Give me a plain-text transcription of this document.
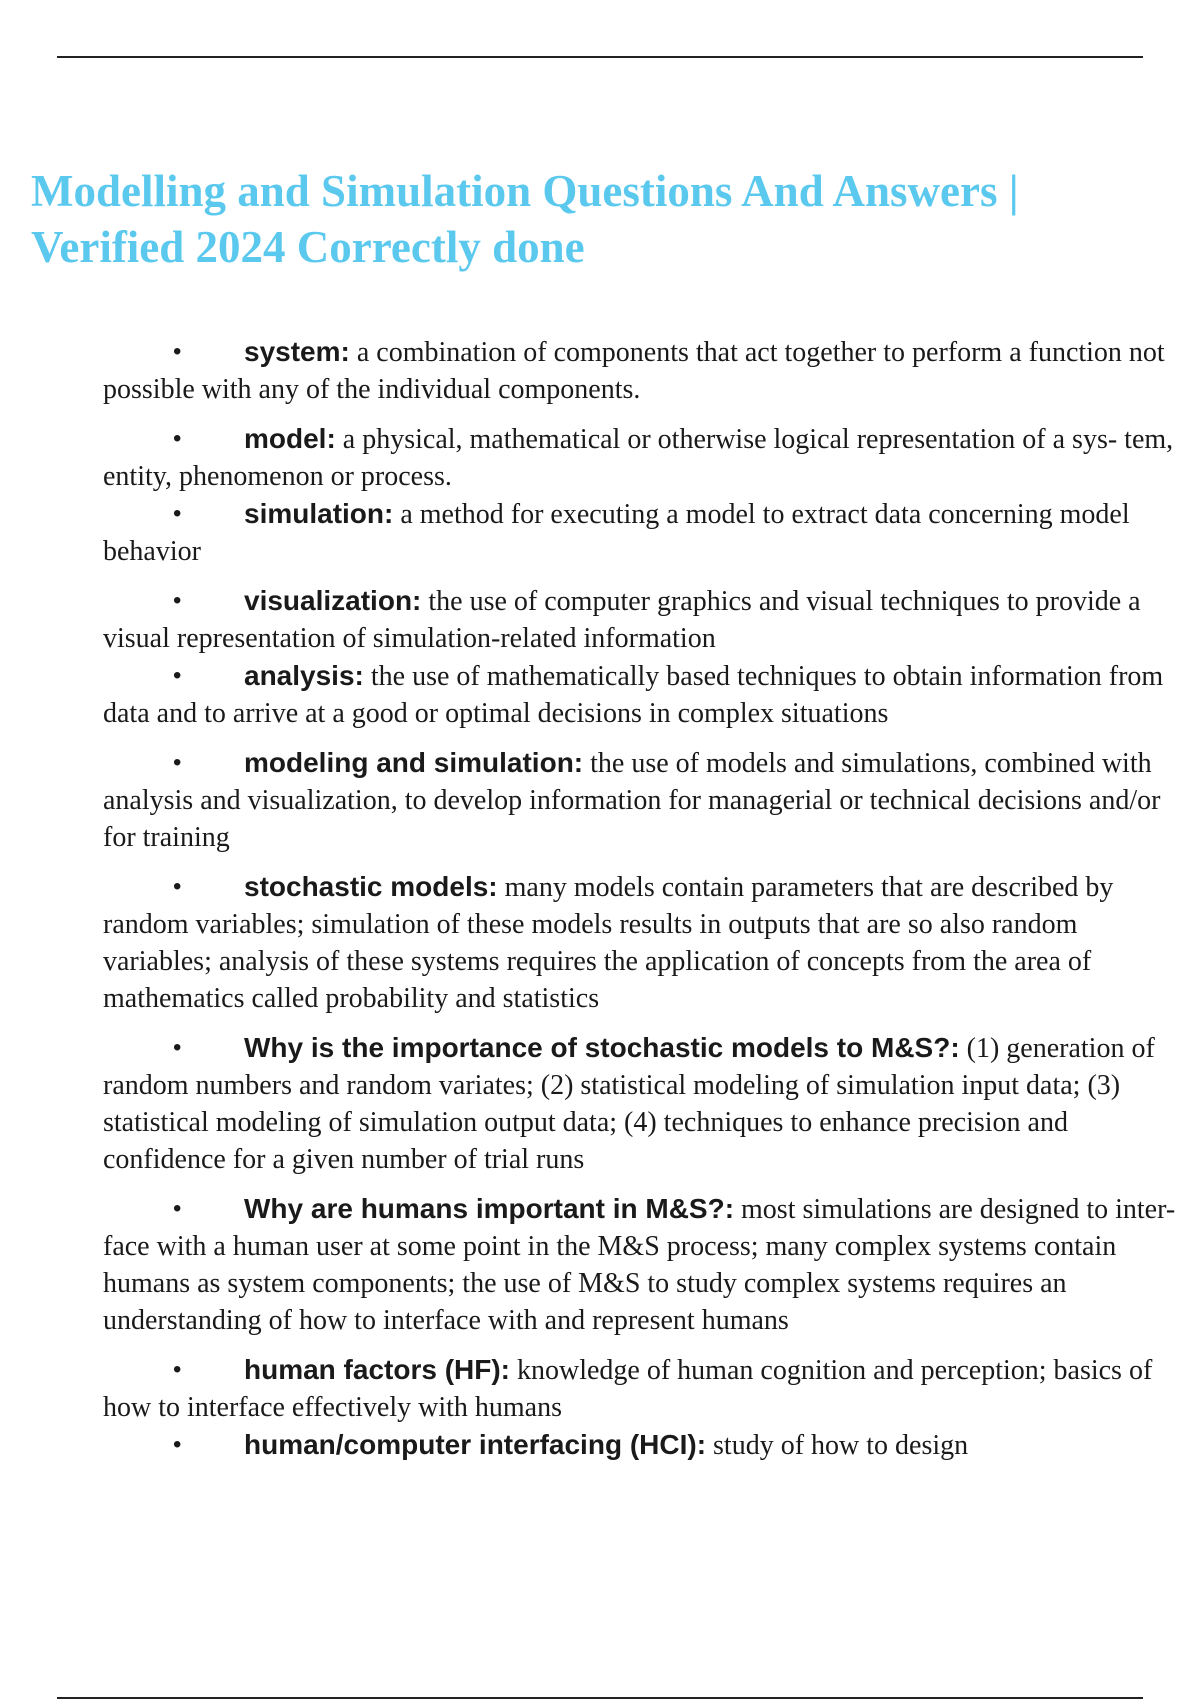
Modelling and Simulation Questions And Answers |
Verified 2024 Correctly done
• system: a combination of components that act together to perform a function not possible with any of the individual components.
• model: a physical, mathematical or otherwise logical representation of a sys- tem, entity, phenomenon or process.
• simulation: a method for executing a model to extract data concerning model behavior
• visualization: the use of computer graphics and visual techniques to provide a visual representation of simulation-related information
• analysis: the use of mathematically based techniques to obtain information from data and to arrive at a good or optimal decisions in complex situations
• modeling and simulation: the use of models and simulations, combined with analysis and visualization, to develop information for managerial or technical decisions and/or for training
• stochastic models: many models contain parameters that are described by random variables; simulation of these models results in outputs that are so also random variables; analysis of these systems requires the application of concepts from the area of mathematics called probability and statistics
• Why is the importance of stochastic models to M&S?: (1) generation of random numbers and random variates; (2) statistical modeling of simulation input data; (3) statistical modeling of simulation output data; (4) techniques to enhance precision and confidence for a given number of trial runs
• Why are humans important in M&S?: most simulations are designed to inter- face with a human user at some point in the M&S process; many complex systems contain humans as system components; the use of M&S to study complex systems requires an understanding of how to interface with and represent humans
• human factors (HF): knowledge of human cognition and perception; basics of how to interface effectively with humans
• human/computer interfacing (HCI): study of how to design
